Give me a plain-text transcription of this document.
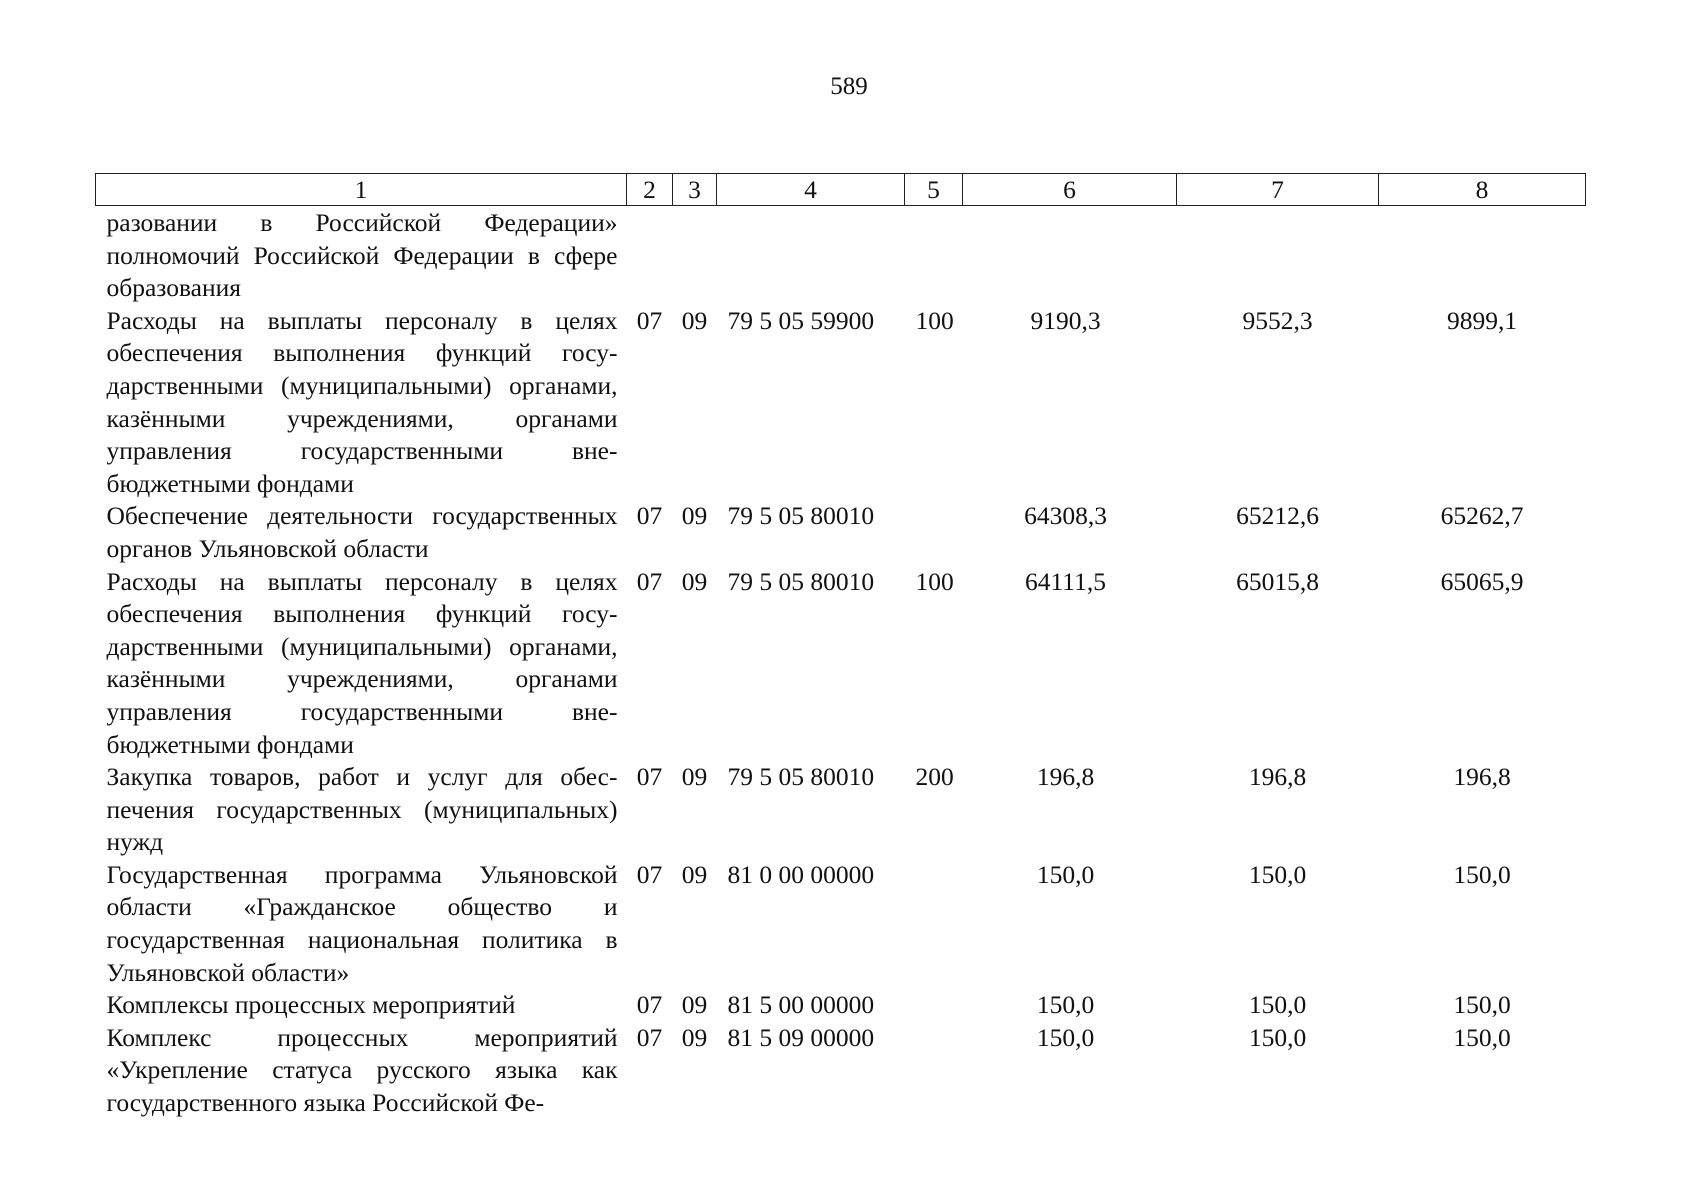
589
1	2	3	4	5	6	7	8
разовании в Российской Федерации» полномочий Российской Федерации в сфере образования							
Расходы на выплаты персоналу в целях обеспечения выполнения функций государственными (муниципальными) органами, казёнными учреждениями, органами управления государственными внебюджетными фондами	07	09	79 5 05 59900	100	9190,3	9552,3	9899,1
Обеспечение деятельности государственных органов Ульяновской области	07	09	79 5 05 80010		64308,3	65212,6	65262,7
Расходы на выплаты персоналу в целях обеспечения выполнения функций государственными (муниципальными) органами, казёнными учреждениями, органами управления государственными внебюджетными фондами	07	09	79 5 05 80010	100	64111,5	65015,8	65065,9
Закупка товаров, работ и услуг для обеспечения государственных (муниципальных) нужд	07	09	79 5 05 80010	200	196,8	196,8	196,8
Государственная программа Ульяновской области «Гражданское общество и государственная национальная политика в Ульяновской области»	07	09	81 0 00 00000		150,0	150,0	150,0
Комплексы процессных мероприятий	07	09	81 5 00 00000		150,0	150,0	150,0
Комплекс процессных мероприятий «Укрепление статуса русского языка как государственного языка Российской Фе-	07	09	81 5 09 00000		150,0	150,0	150,0
